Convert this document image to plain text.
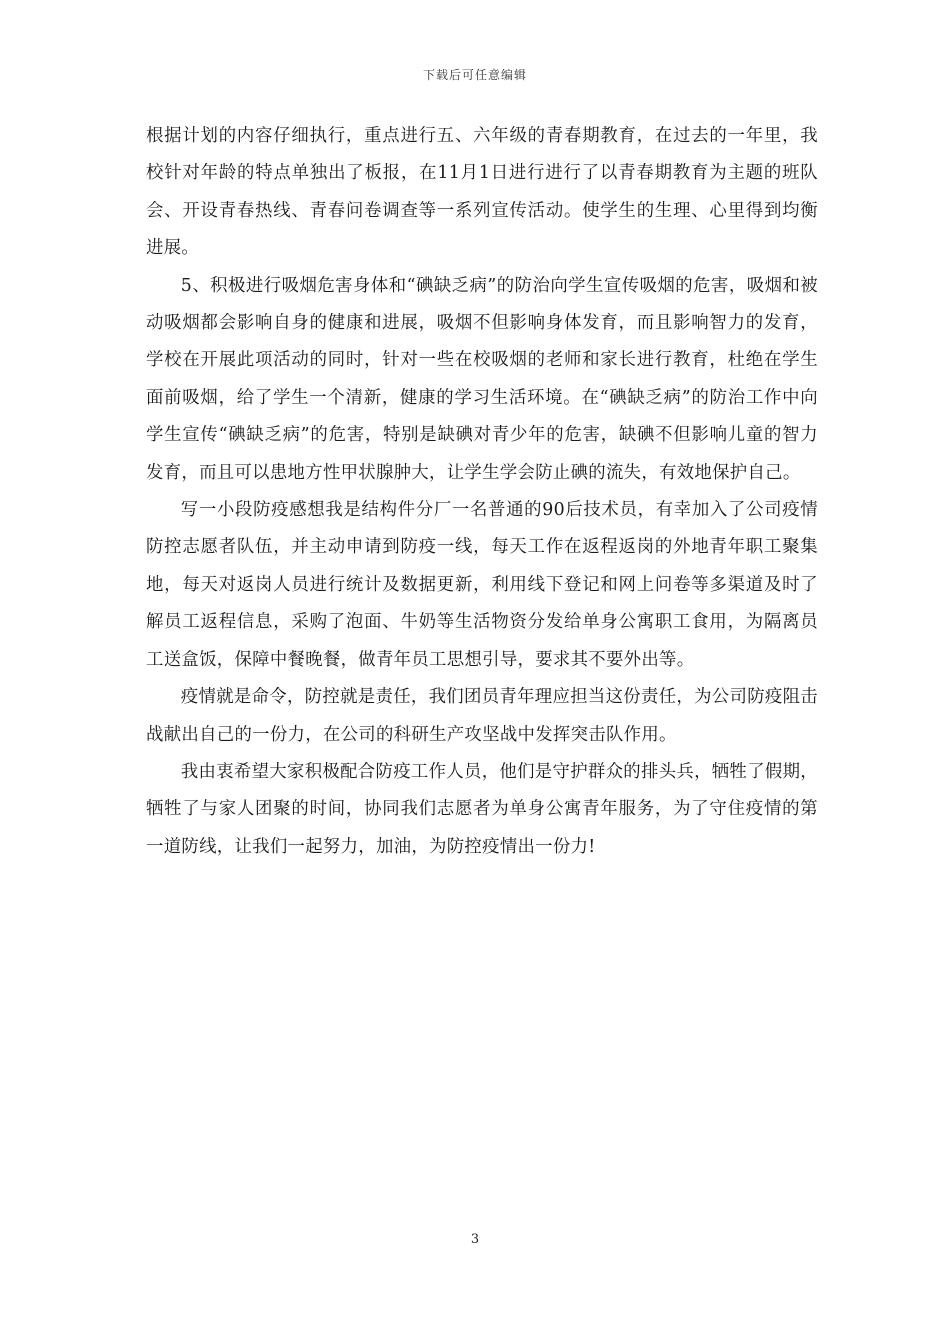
下载后可任意编辑

根据计划的内容仔细执行，重点进行五、六年级的青春期教育，在过去的一年里，我校针对年龄的特点单独出了板报，在11月1日进行进行了以青春期教育为主题的班队会、开设青春热线、青春问卷调查等一系列宣传活动。使学生的生理、心里得到均衡进展。

5、积极进行吸烟危害身体和“碘缺乏病”的防治向学生宣传吸烟的危害，吸烟和被动吸烟都会影响自身的健康和进展，吸烟不但影响身体发育，而且影响智力的发育，学校在开展此项活动的同时，针对一些在校吸烟的老师和家长进行教育，杜绝在学生面前吸烟，给了学生一个清新，健康的学习生活环境。在“碘缺乏病”的防治工作中向学生宣传“碘缺乏病”的危害，特别是缺碘对青少年的危害，缺碘不但影响儿童的智力发育，而且可以患地方性甲状腺肿大，让学生学会防止碘的流失，有效地保护自己。

写一小段防疫感想我是结构件分厂一名普通的90后技术员，有幸加入了公司疫情防控志愿者队伍，并主动申请到防疫一线，每天工作在返程返岗的外地青年职工聚集地，每天对返岗人员进行统计及数据更新，利用线下登记和网上问卷等多渠道及时了解员工返程信息，采购了泡面、牛奶等生活物资分发给单身公寓职工食用，为隔离员工送盒饭，保障中餐晚餐，做青年员工思想引导，要求其不要外出等。

疫情就是命令，防控就是责任，我们团员青年理应担当这份责任，为公司防疫阻击战献出自己的一份力，在公司的科研生产攻坚战中发挥突击队作用。

我由衷希望大家积极配合防疫工作人员，他们是守护群众的排头兵，牺牲了假期，牺牲了与家人团聚的时间，协同我们志愿者为单身公寓青年服务，为了守住疫情的第一道防线，让我们一起努力，加油，为防控疫情出一份力!

3
